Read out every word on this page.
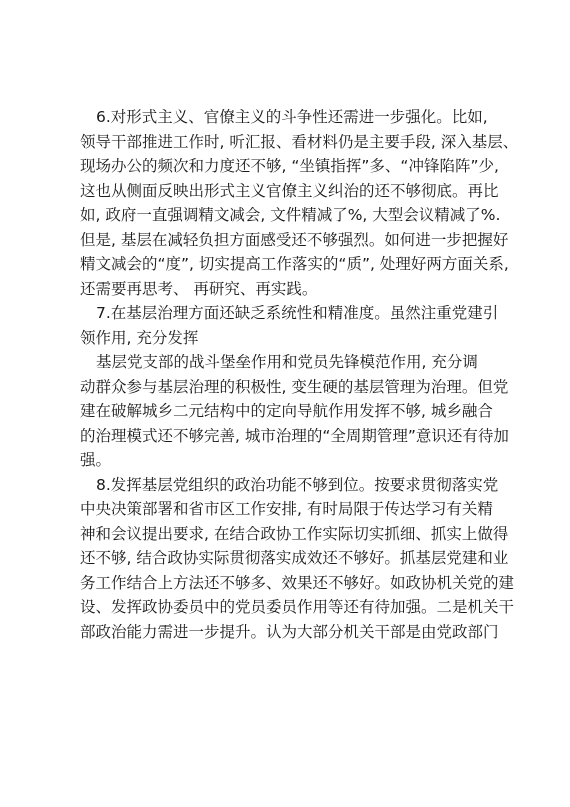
6.对形式主义、官僚主义的斗争性还需进一步强化。比如,
领导干部推进工作时, 听汇报、看材料仍是主要手段, 深入基层、
现场办公的频次和力度还不够, “坐镇指挥”多、“冲锋陷阵”少,
这也从侧面反映出形式主义官僚主义纠治的还不够彻底。再比
如, 政府一直强调精文减会, 文件精减了%, 大型会议精减了%.
但是, 基层在减轻负担方面感受还不够强烈。如何进一步把握好
精文减会的“度”, 切实提高工作落实的“质”, 处理好两方面关系,
还需要再思考、 再研究、再实践。
7.在基层治理方面还缺乏系统性和精准度。虽然注重党建引
领作用, 充分发挥
基层党支部的战斗堡垒作用和党员先锋模范作用, 充分调
动群众参与基层治理的积极性, 变生硬的基层管理为治理。但党
建在破解城乡二元结构中的定向导航作用发挥不够, 城乡融合
的治理模式还不够完善, 城市治理的“全周期管理”意识还有待加
强。
8.发挥基层党组织的政治功能不够到位。按要求贯彻落实党
中央决策部署和省市区工作安排, 有时局限于传达学习有关精
神和会议提出要求, 在结合政协工作实际切实抓细、抓实上做得
还不够, 结合政协实际贯彻落实成效还不够好。抓基层党建和业
务工作结合上方法还不够多、效果还不够好。如政协机关党的建
设、发挥政协委员中的党员委员作用等还有待加强。二是机关干
部政治能力需进一步提升。认为大部分机关干部是由党政部门
